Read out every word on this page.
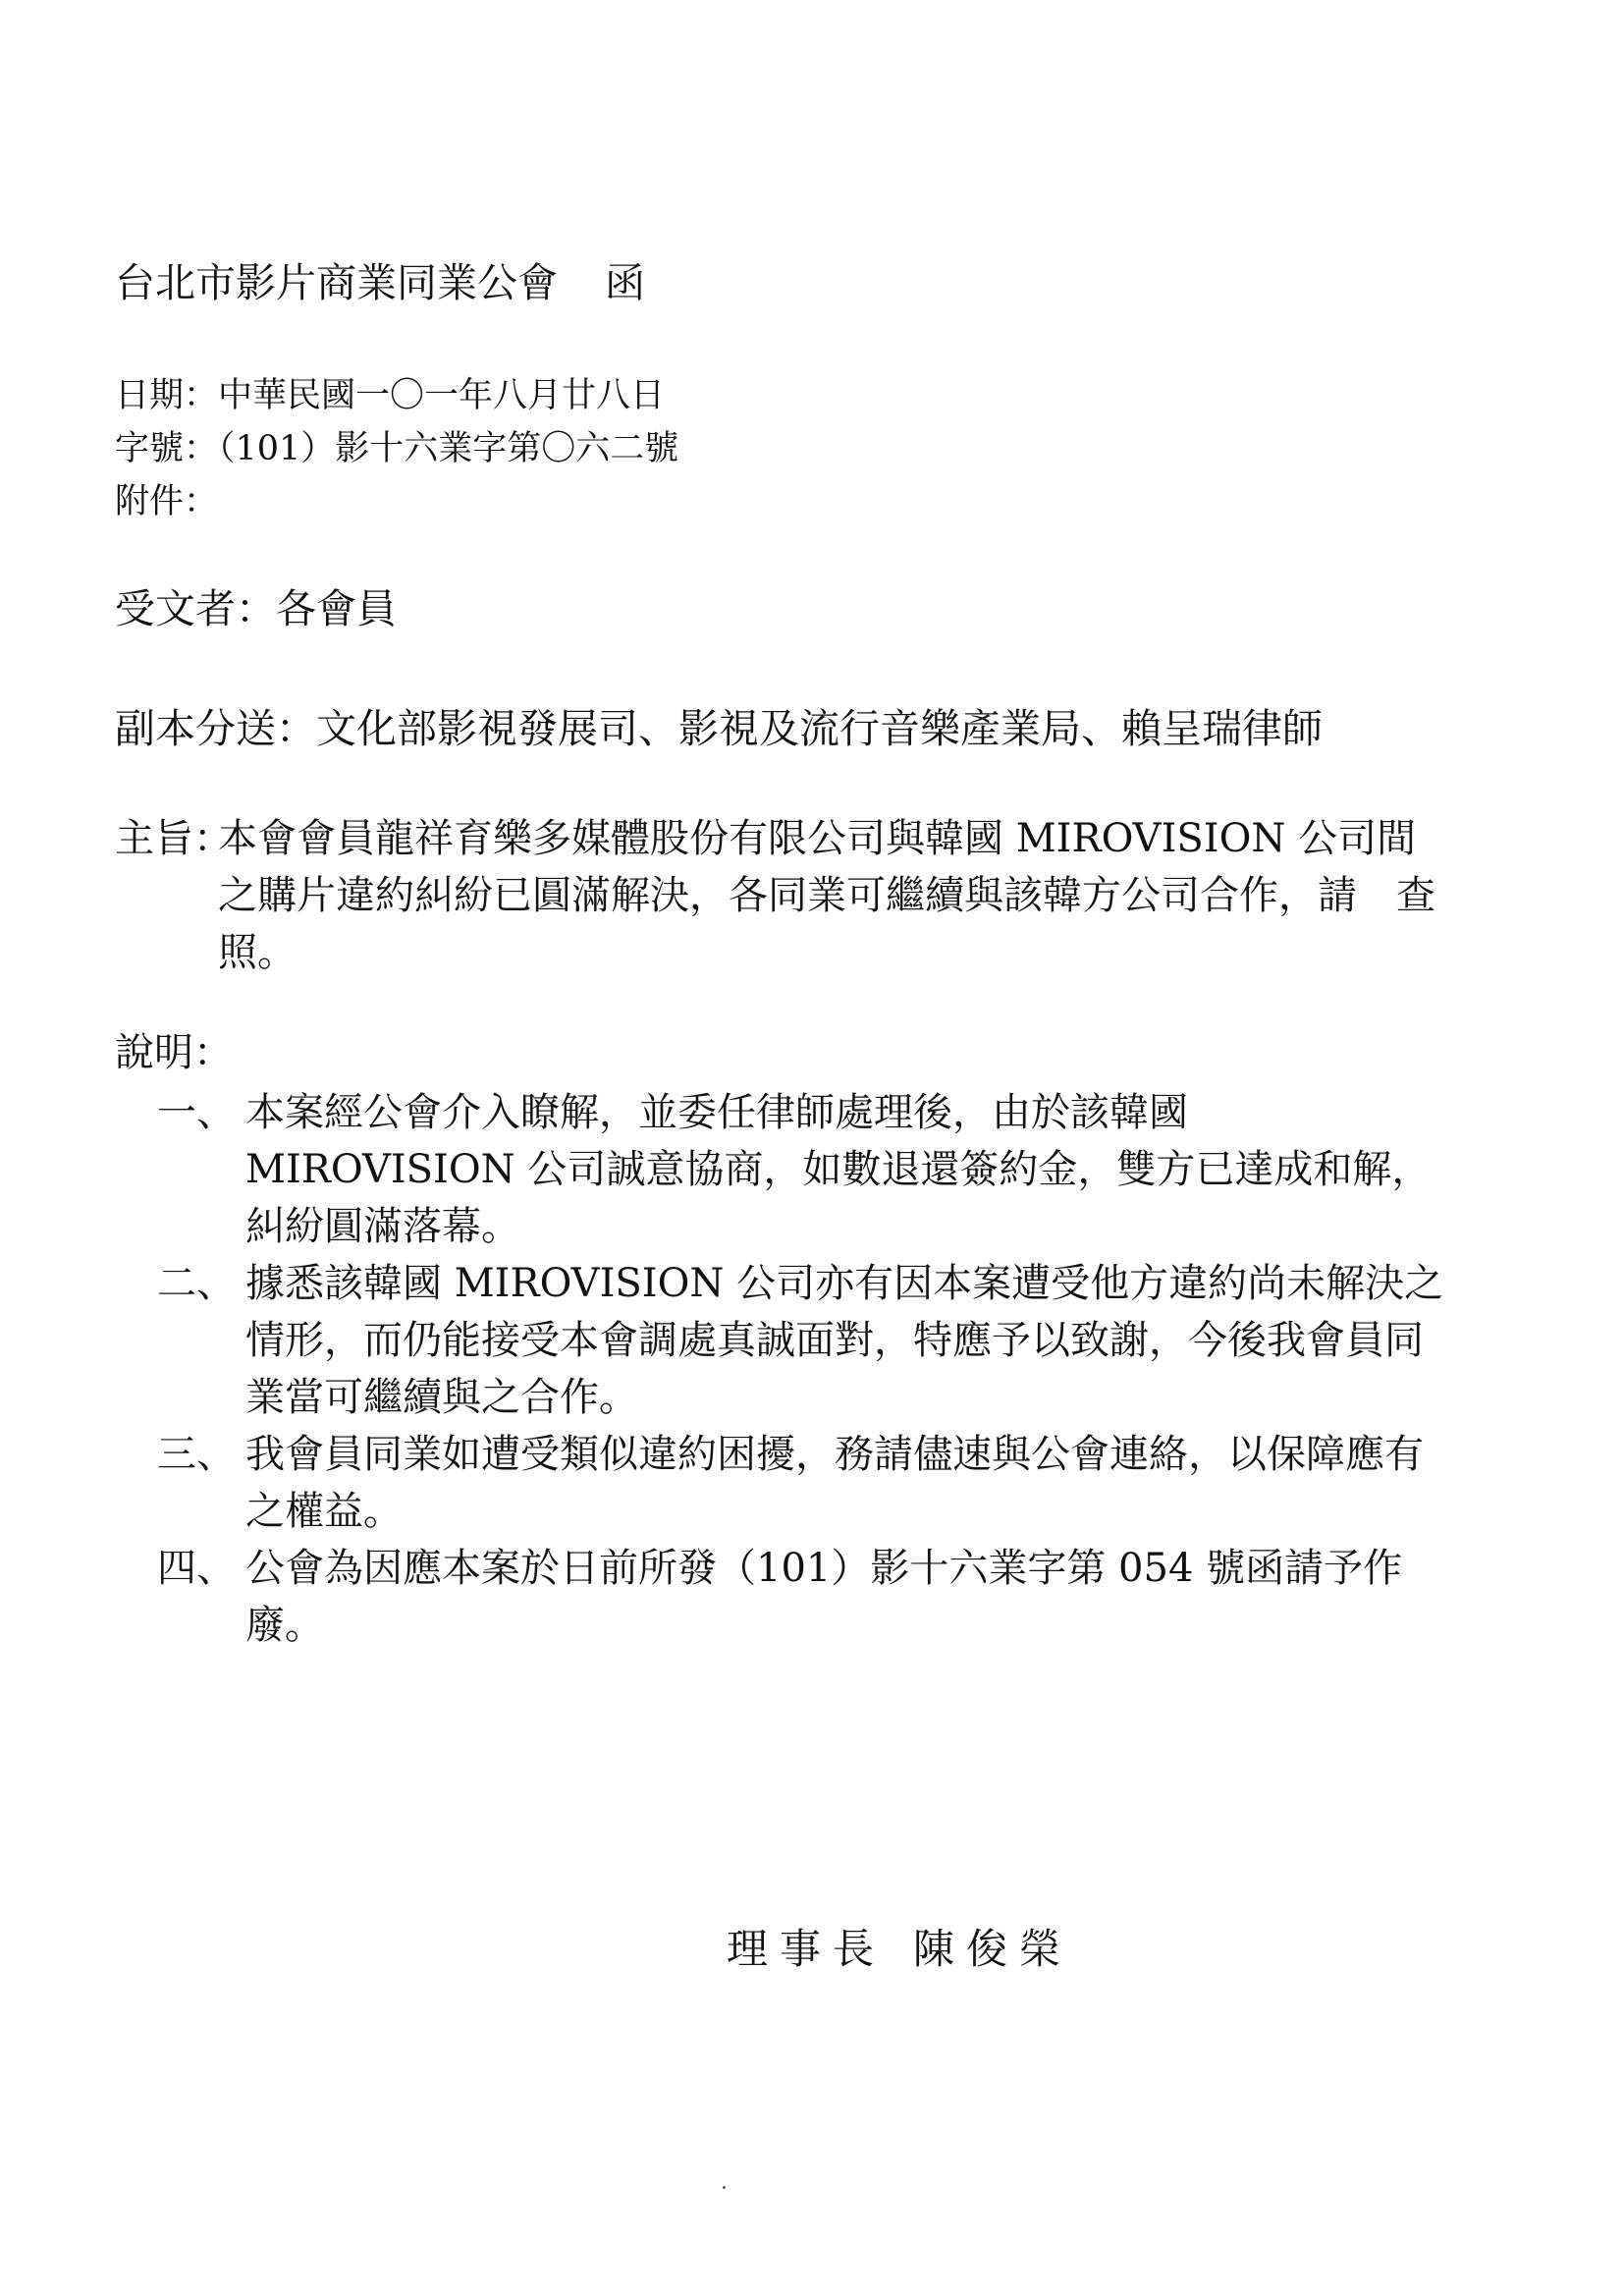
台北市影片商業同業公會 函
日期：中華民國一〇一年八月廿八日
字號：（101）影十六業字第〇六二號
附件：
受文者：各會員
副本分送：文化部影視發展司、影視及流行音樂產業局、賴呈瑞律師
主旨：
本會會員龍祥育樂多媒體股份有限公司與韓國 MIROVISION 公司間之購片違約糾紛已圓滿解決，各同業可繼續與該韓方公司合作，請　查照。
說明：
一、 本案經公會介入瞭解，並委任律師處理後，由於該韓國 MIROVISION 公司誠意協商，如數退還簽約金，雙方已達成和解，糾紛圓滿落幕。
二、 據悉該韓國 MIROVISION 公司亦有因本案遭受他方違約尚未解決之情形，而仍能接受本會調處真誠面對，特應予以致謝，今後我會員同業當可繼續與之合作。
三、 我會員同業如遭受類似違約困擾，務請儘速與公會連絡，以保障應有之權益。
四、 公會為因應本案於日前所發（101）影十六業字第 054 號函請予作廢。
理事長 陳俊榮
